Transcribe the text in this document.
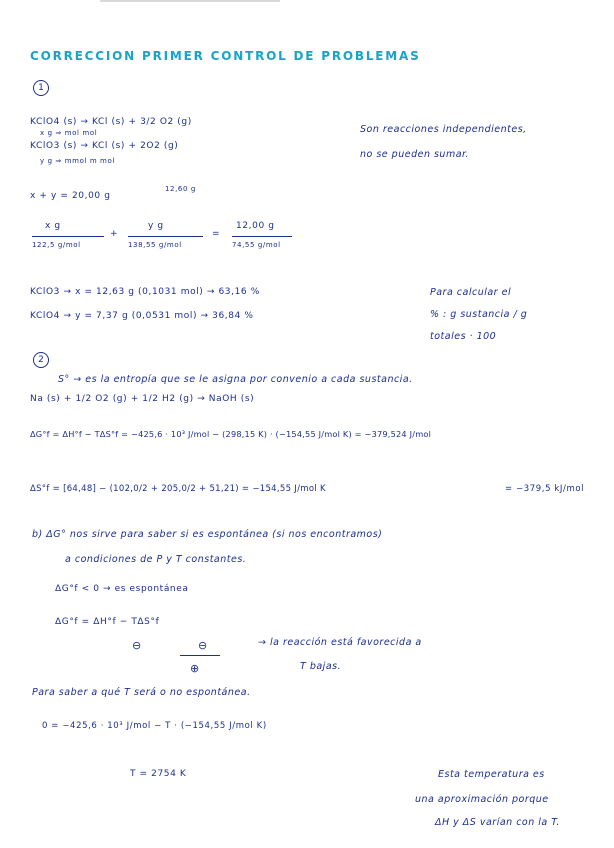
CORRECCION PRIMER CONTROL DE PROBLEMAS
1
KClO4 (s) → KCl (s) + 3/2 O2 (g)
x g ⇒ mol mol
KClO3 (s) → KCl (s) + 2O2 (g)
y g ⇒ mmol m mol
Son reacciones independientes,
no se pueden sumar.
x + y = 20,00 g
12,60 g
x g
122,5 g/mol
+
y g
138,55 g/mol
=
12,00 g
74,55 g/mol
KClO3 → x = 12,63 g (0,1031 mol) → 63,16 %
KClO4 → y = 7,37 g (0,0531 mol) → 36,84 %
Para calcular el
% : g sustancia / g
totales · 100
2
S° → es la entropía que se le asigna por convenio a cada sustancia.
Na (s) + 1/2 O2 (g) + 1/2 H2 (g) → NaOH (s)
ΔG°f = ΔH°f − TΔS°f = −425,6 · 10³ J/mol − (298,15 K) · (−154,55 J/mol K) = −379,524 J/mol
ΔS°f = [64,48] − (102,0/2 + 205,0/2 + 51,21) = −154,55 J/mol K	= −379,5 kJ/mol
b) ΔG° nos sirve para saber si es espontánea (si nos encontramos)
a condiciones de P y T constantes.
ΔG°f < 0 → es espontánea
ΔG°f = ΔH°f − TΔS°f
⊖	⊖
⊕
→ la reacción está favorecida a
T bajas.
Para saber a qué T será o no espontánea.
0 = −425,6 · 10³ J/mol − T · (−154,55 J/mol K)
T = 2754 K	Esta temperatura es
una aproximación porque
ΔH y ΔS varían con la T.
